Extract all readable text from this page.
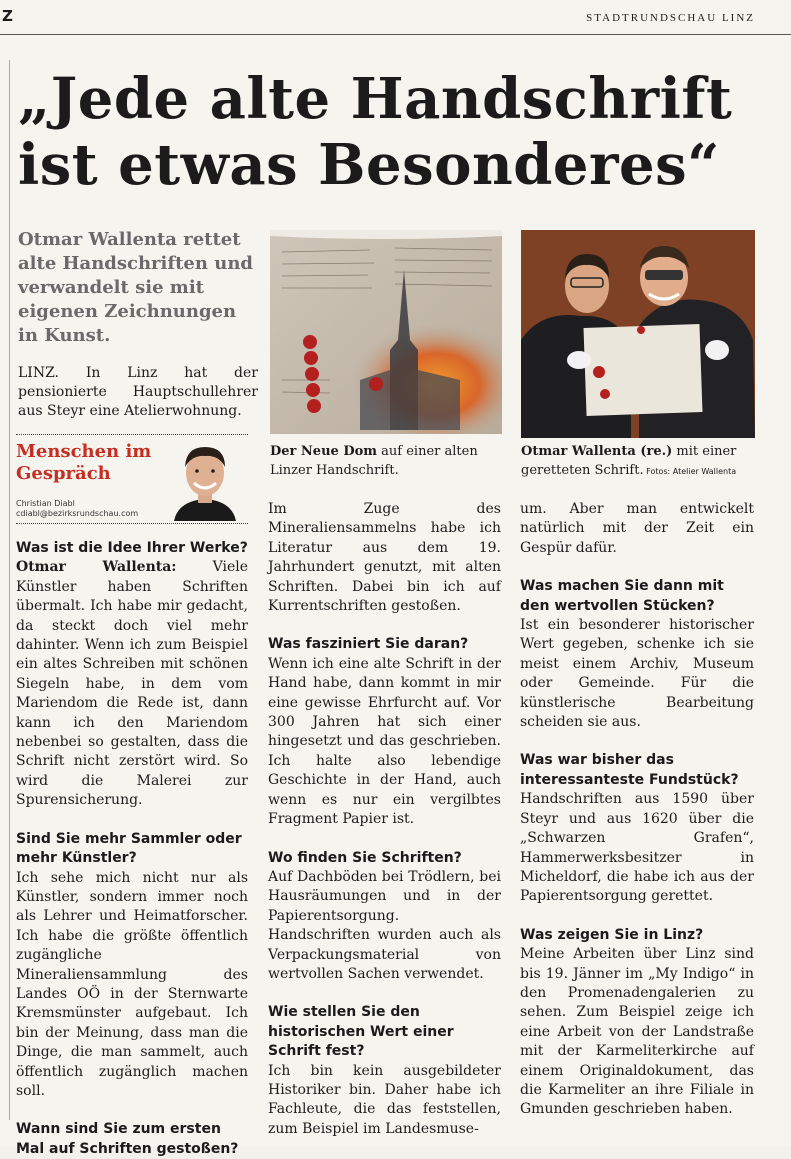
Z	STADTRUNDSCHAU LINZ
„Jede alte Handschrift ist etwas Besonderes“

Otmar Wallenta rettet alte Handschriften und verwandelt sie mit eigenen Zeichnungen in Kunst.

LINZ. In Linz hat der pensionierte Hauptschullehrer aus Steyr eine Atelierwohnung.

Menschen im Gespräch
Christian Diabl
cdiabl@bezirksrundschau.com

Der Neue Dom auf einer alten Linzer Handschrift.

Otmar Wallenta (re.) mit einer geretteten Schrift. Fotos: Atelier Wallenta

Was ist die Idee Ihrer Werke?

Otmar Wallenta: Viele Künstler haben Schriften übermalt. Ich habe mir gedacht, da steckt doch viel mehr dahinter. Wenn ich zum Beispiel ein altes Schreiben mit schönen Siegeln habe, in dem vom Mariendom die Rede ist, dann kann ich den Mariendom nebenbei so gestalten, dass die Schrift nicht zerstört wird. So wird die Malerei zur Spurensicherung.

Sind Sie mehr Sammler oder mehr Künstler?

Ich sehe mich nicht nur als Künstler, sondern immer noch als Lehrer und Heimatforscher. Ich habe die größte öffentlich zugängliche Mineraliensammlung des Landes OÖ in der Sternwarte Kremsmünster aufgebaut. Ich bin der Meinung, dass man die Dinge, die man sammelt, auch öffentlich zugänglich machen soll.

Wann sind Sie zum ersten Mal auf Schriften gestoßen?

Im Zuge des Mineraliensammelns habe ich Literatur aus dem 19. Jahrhundert genutzt, mit alten Schriften. Dabei bin ich auf Kurrentschriften gestoßen.

Was fasziniert Sie daran?

Wenn ich eine alte Schrift in der Hand habe, dann kommt in mir eine gewisse Ehrfurcht auf. Vor 300 Jahren hat sich einer hingesetzt und das geschrieben. Ich halte also lebendige Geschichte in der Hand, auch wenn es nur ein vergilbtes Fragment Papier ist.

Wo finden Sie Schriften?

Auf Dachböden bei Trödlern, bei Hausräumungen und in der Papierentsorgung. Handschriften wurden auch als Verpackungsmaterial von wertvollen Sachen verwendet.

Wie stellen Sie den historischen Wert einer Schrift fest?

Ich bin kein ausgebildeter Historiker bin. Daher habe ich Fachleute, die das feststellen, zum Beispiel im Landesmuse-

um. Aber man entwickelt natürlich mit der Zeit ein Gespür dafür.

Was machen Sie dann mit den wertvollen Stücken?

Ist ein besonderer historischer Wert gegeben, schenke ich sie meist einem Archiv, Museum oder Gemeinde. Für die künstlerische Bearbeitung scheiden sie aus.

Was war bisher das interessanteste Fundstück?

Handschriften aus 1590 über Steyr und aus 1620 über die „Schwarzen Grafen“, Hammerwerksbesitzer in Micheldorf, die habe ich aus der Papierentsorgung gerettet.

Was zeigen Sie in Linz?

Meine Arbeiten über Linz sind bis 19. Jänner im „My Indigo“ in den Promenadengalerien zu sehen. Zum Beispiel zeige ich eine Arbeit von der Landstraße mit der Karmeliterkirche auf einem Originaldokument, das die Karmeliter an ihre Filiale in Gmunden geschrieben haben.
